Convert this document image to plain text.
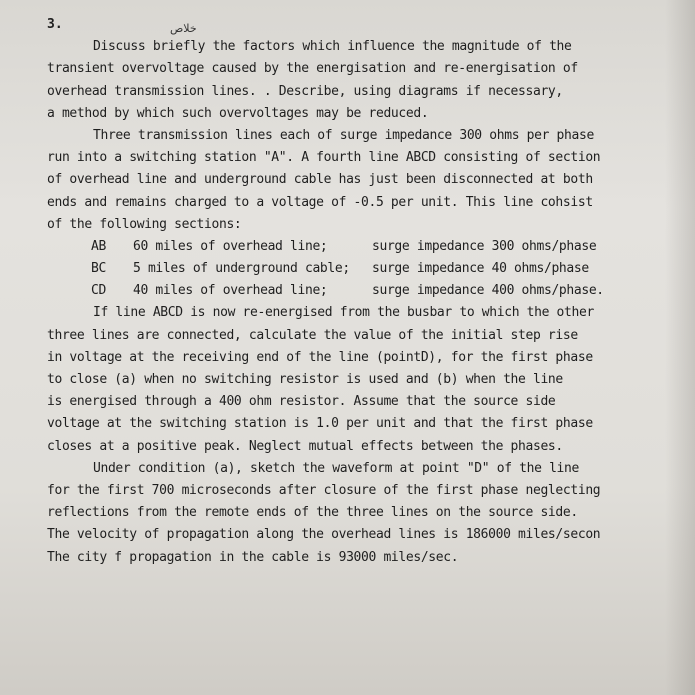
خلاص
3.
Discuss briefly the factors which influence the magnitude of the
transient overvoltage caused by the energisation and re-energisation of
overhead transmission lines. . Describe, using diagrams if necessary,
a method by which such overvoltages may be reduced.
Three transmission lines each of surge impedance 300 ohms per phase
run into a switching station "A". A fourth line ABCD consisting of section
of overhead line and underground cable has just been disconnected at both
ends and remains charged to a voltage of -0.5 per unit. This line cohsist
of the following sections:
AB 60 miles of overhead line;	surge impedance 300 ohms/phase
BC 5 miles of underground cable; surge impedance 40 ohms/phase
CD 40 miles of overhead line;	surge impedance 400 ohms/phase.
If line ABCD is now re-energised from the busbar to which the other
three lines are connected, calculate the value of the initial step rise
in voltage at the receiving end of the line (pointD), for the first phase
to close (a) when no switching resistor is used and (b) when the line
is energised through a 400 ohm resistor. Assume that the source side
voltage at the switching station is 1.0 per unit and that the first phase
closes at a positive peak. Neglect mutual effects between the phases.
Under condition (a), sketch the waveform at point "D" of the line
for the first 700 microseconds after closure of the first phase neglecting
reflections from the remote ends of the three lines on the source side.
The velocity of propagation along the overhead lines is 186000 miles/secon
The city f propagation in the cable is 93000 miles/sec.
